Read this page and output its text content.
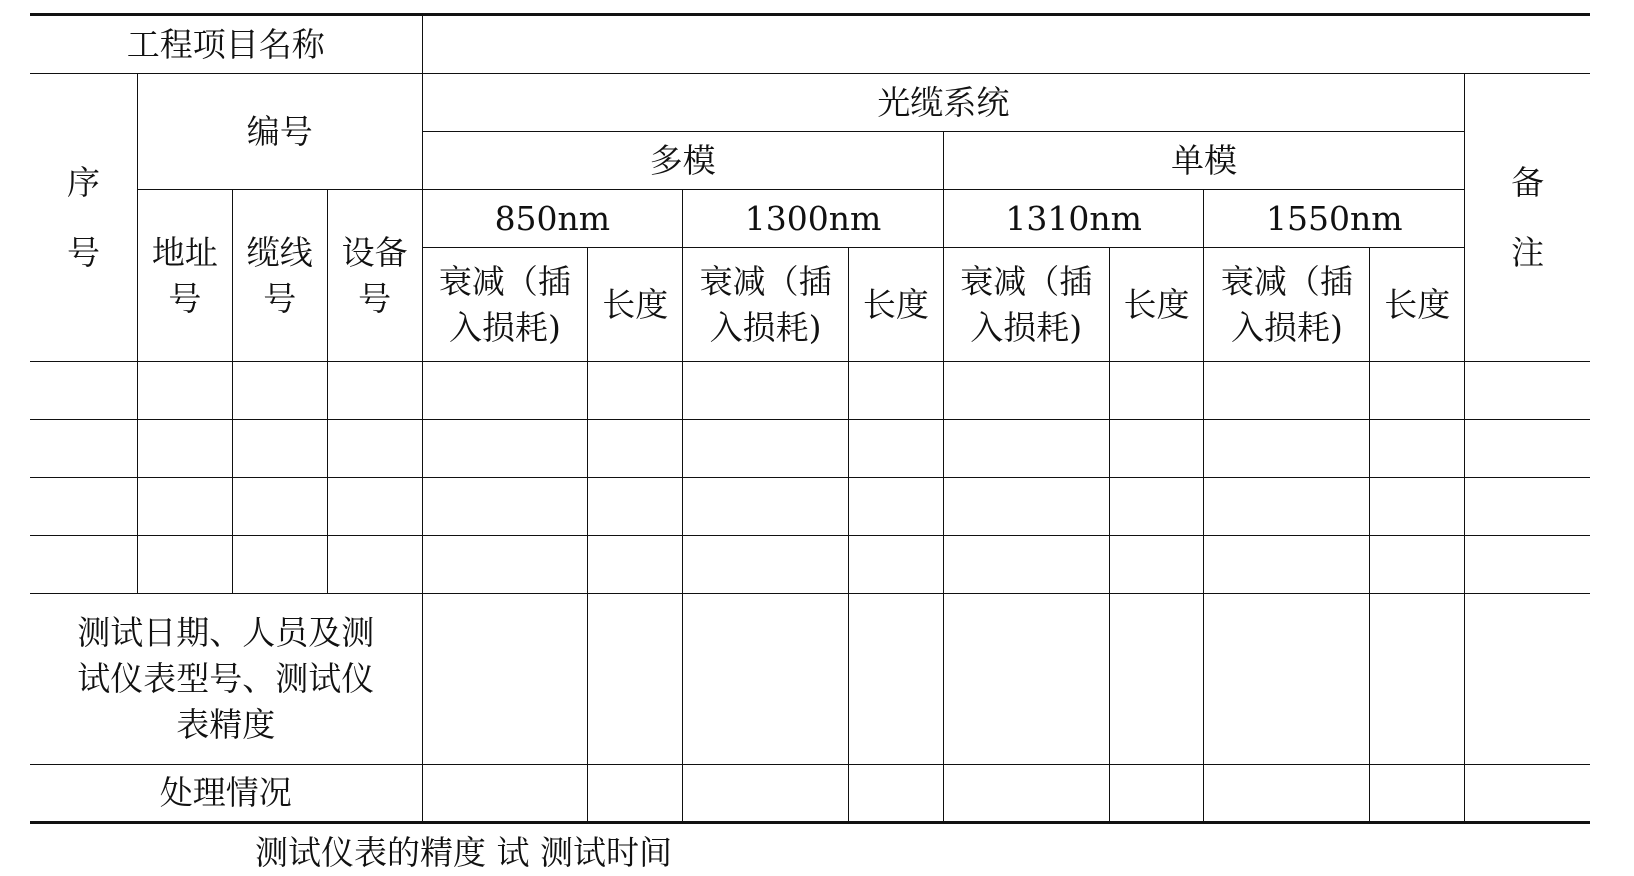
工程项目名称												
序号	编号			光缆系统								备注
				多模				单模				
	地址号	缆线号	设备号	850nm		1300nm		1310nm		1550nm		
				衰减（插入损耗)	长度	衰减（插入损耗)	长度	衰减（插入损耗)	长度	衰减（插入损耗)	长度	

测试日期、人员及测试仪表型号、测试仪表精度												
处理情况												
测试仪表的精度 试 测试时间
